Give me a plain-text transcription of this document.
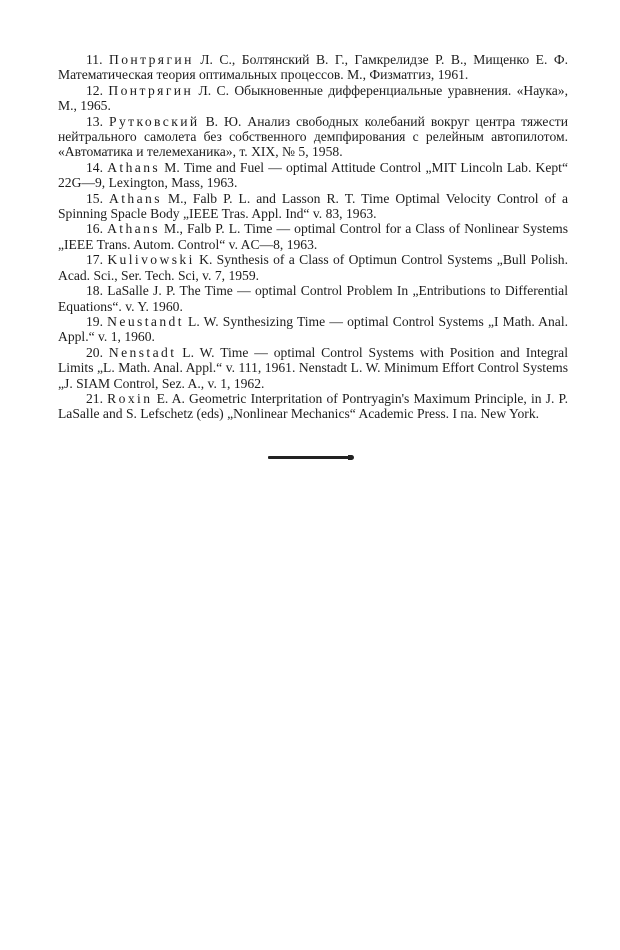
11. Понтрягин Л. С., Болтянский В. Г., Гамкрелидзе Р. В., Мищенко Е. Ф. Математическая теория оптимальных процессов. М., Физматгиз, 1961.

12. Понтрягин Л. С. Обыкновенные дифференциальные уравнения. «Наука», М., 1965.

13. Рутковский В. Ю. Анализ свободных колебаний вокруг центра тяжести нейтрального самолета без собственного демпфирования с релейным автопилотом. «Автоматика и телемеханика», т. XIX, № 5, 1958.

14. Athans M. Time and Fuel — optimal Attitude Control „MIT Lincoln Lab. Kept“ 22G—9, Lexington, Mass, 1963.

15. Athans M., Falb P. L. and Lasson R. T. Time Optimal Velocity Control of a Spinning Spacle Body „IEEE Tras. Appl. Ind“ v. 83, 1963.

16. Athans M., Falb P. L. Time — optimal Control for a Class of Nonlinear Systems „IEEE Trans. Autom. Control“ v. AC—8, 1963.

17. Kulivowski K. Synthesis of a Class of Optimun Control Systems „Bull Polish. Acad. Sci., Ser. Tech. Sci, v. 7, 1959.

18. LaSalle J. P. The Time — optimal Control Problem In „Entributions to Differential Equations“. v. Y. 1960.

19. Neustandt L. W. Synthesizing Time — optimal Control Systems „I Math. Anal. Appl.“ v. 1, 1960.

20. Nenstadt L. W. Time — optimal Control Systems with Position and Integral Limits „L. Math. Anal. Appl.“ v. 111, 1961. Nenstadt L. W. Minimum Effort Control Systems „J. SIAM Control, Sez. A., v. 1, 1962.

21. Roxin E. A. Geometric Interpritation of Pontryagin's Maximum Principle, in J. P. LaSalle and S. Lefschetz (eds) „Nonlinear Mechanics“ Academic Press. I па. New York.
